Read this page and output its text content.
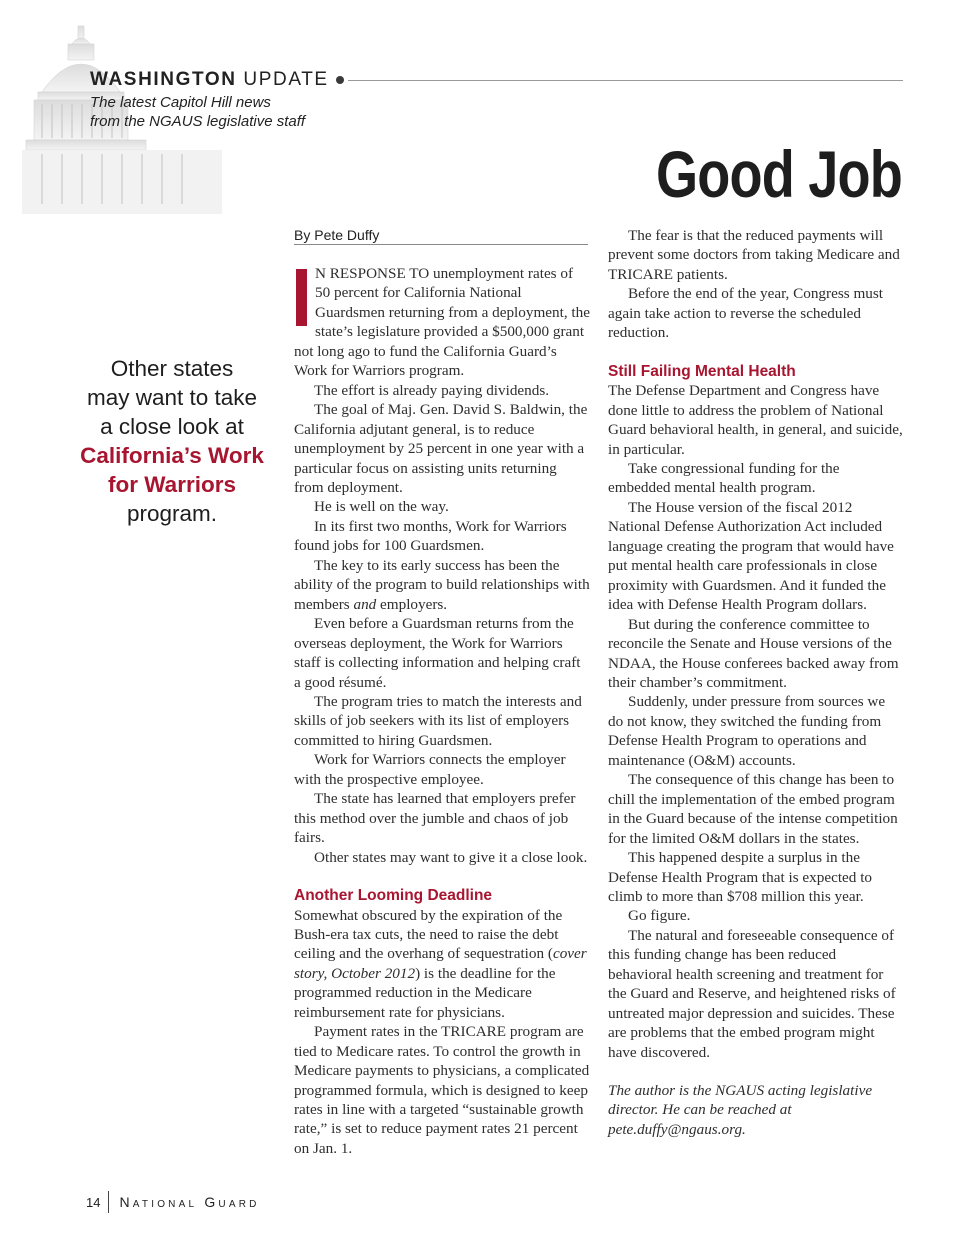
WASHINGTON UPDATE
The latest Capitol Hill news
from the NGAUS legislative staff
Good Job
Other states
may want to take
a close look at
California’s Work
for Warriors
program.
By Pete Duffy

N RESPONSE TO unemployment rates of 50 percent for California National Guardsmen returning from a deployment, the state’s legislature provided a $500,000 grant not long ago to fund the California Guard’s Work for Warriors program.

The effort is already paying dividends.

The goal of Maj. Gen. David S. Baldwin, the California adjutant general, is to reduce unemployment by 25 percent in one year with a particular focus on assisting units returning from deployment.

He is well on the way.

In its first two months, Work for Warriors found jobs for 100 Guardsmen.

The key to its early success has been the ability of the program to build relationships with members and employers.

Even before a Guardsman returns from the overseas deployment, the Work for Warriors staff is collecting information and helping craft a good résumé.

The program tries to match the interests and skills of job seekers with its list of employers committed to hiring Guardsmen.

Work for Warriors connects the employer with the prospective employee.

The state has learned that employers prefer this method over the jumble and chaos of job fairs.

Other states may want to give it a close look.

Another Looming Deadline

Somewhat obscured by the expiration of the Bush-era tax cuts, the need to raise the debt ceiling and the overhang of sequestration (cover story, October 2012) is the deadline for the programmed reduction in the Medicare reimbursement rate for physicians.

Payment rates in the TRICARE program are tied to Medicare rates. To control the growth in Medicare payments to physicians, a complicated programmed formula, which is designed to keep rates in line with a targeted “sustainable growth rate,” is set to reduce payment rates 21 percent on Jan. 1.

The fear is that the reduced payments will prevent some doctors from taking Medicare and TRICARE patients.

Before the end of the year, Congress must again take action to reverse the scheduled reduction.

Still Failing Mental Health

The Defense Department and Congress have done little to address the problem of National Guard behavioral health, in general, and suicide, in particular.

Take congressional funding for the embedded mental health program.

The House version of the fiscal 2012 National Defense Authorization Act included language creating the program that would have put mental health care professionals in close proximity with Guardsmen. And it funded the idea with Defense Health Program dollars.

But during the conference committee to reconcile the Senate and House versions of the NDAA, the House conferees backed away from their chamber’s commitment.

Suddenly, under pressure from sources we do not know, they switched the funding from Defense Health Program to operations and maintenance (O&M) accounts.

The consequence of this change has been to chill the implementation of the embed program in the Guard because of the intense competition for the limited O&M dollars in the states.

This happened despite a surplus in the Defense Health Program that is expected to climb to more than $708 million this year.

Go figure.

The natural and foreseeable consequence of this funding change has been reduced behavioral health screening and treatment for the Guard and Reserve, and heightened risks of untreated major depression and suicides. These are problems that the embed program might have discovered.

The author is the NGAUS acting legislative director. He can be reached at pete.duffy@ngaus.org.

14	National Guard
